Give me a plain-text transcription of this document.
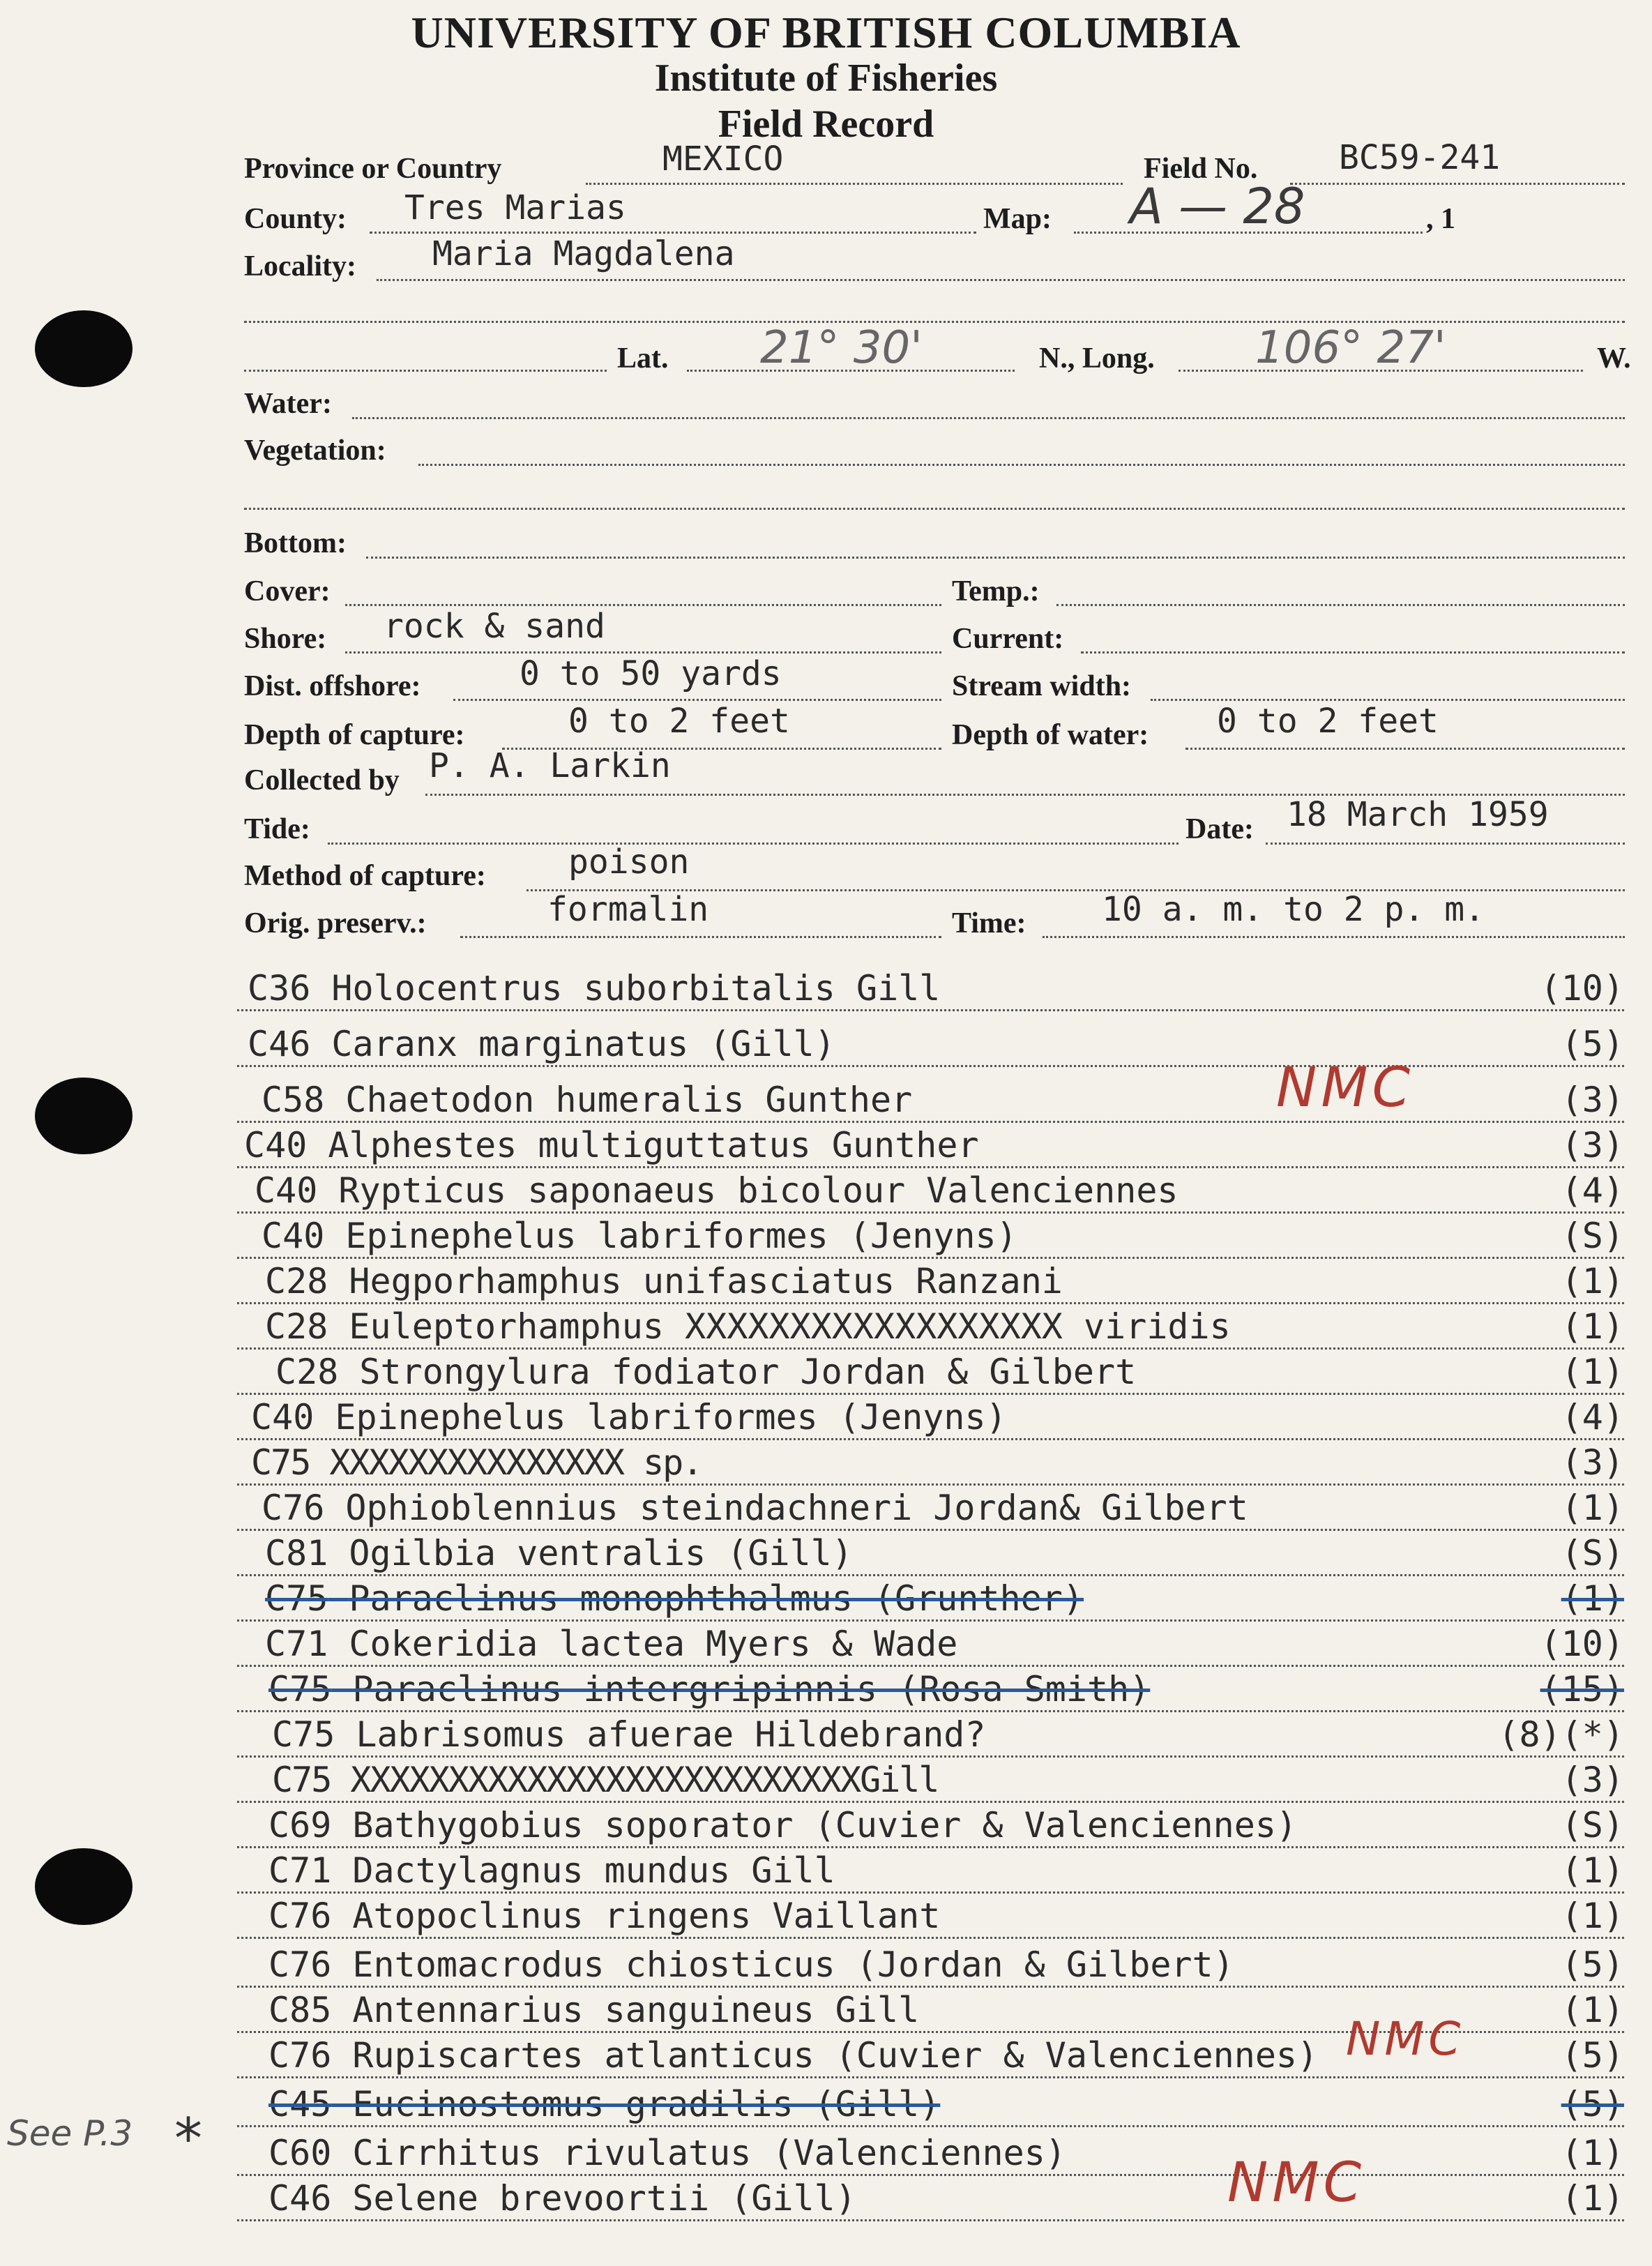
UNIVERSITY OF BRITISH COLUMBIA
Institute of Fisheries
Field Record
Province or Country	MEXICO	Field No. BC59-241
County: Tres Marias	Map: A — 28	, 1
Locality: Maria Magdalena
Lat. 21° 30'	N., Long. 106° 27'	W.
Water:
Vegetation:
Bottom:
Cover:	Temp.:
Shore: rock & sand	Current:
Dist. offshore:	0 to 50 yards	Stream width:
Depth of capture:	0 to 2 feet	Depth of water: 0 to 2 feet
Collected by P. A. Larkin
Tide:	Date: 18 March 1959
Method of capture: poison
Orig. preserv.:	formalin	Time: 10 a. m. to 2 p. m.
C36 Holocentrus suborbitalis Gill	(10)
C46 Caranx marginatus (Gill)	(5)
C58 Chaetodon humeralis Gunther	(3)
C40 Alphestes multiguttatus Gunther	(3)
C40 Rypticus saponaeus bicolour Valenciennes	(4)
C40 Epinephelus labriformes (Jenyns)	(S)
C28 Hegporhamphus unifasciatus Ranzani	(1)
C28 Euleptorhamphus XXXXXXXXXXXXXXXXXX viridis	(1)
C28 Strongylura fodiator Jordan & Gilbert	(1)
C40 Epinephelus labriformes (Jenyns)	(4)
C75 XXXXXXXXXXXXXXX sp.	(3)
C76 Ophioblennius steindachneri Jordan& Gilbert	(1)
C81 Ogilbia ventralis (Gill)	(S)
C75 Paraclinus monophthalmus (Grunther)	(1)
C71 Cokeridia lactea Myers & Wade	(10)
C75 Paraclinus intergripinnis (Rosa Smith)	(15)
C75 Labrisomus afuerae Hildebrand?	(8)(*)
C75 XXXXXXXXXXXXXXXXXXXXXXXXXXGill	(3)
C69 Bathygobius soporator (Cuvier & Valenciennes)	(S)
C71 Dactylagnus mundus Gill	(1)
C76 Atopoclinus ringens Vaillant	(1)
C76 Entomacrodus chiosticus (Jordan & Gilbert)	(5)
C85 Antennarius sanguineus Gill	(1)
C76 Rupiscartes atlanticus (Cuvier & Valenciennes)	(5)
C45 Eucinostomus gradilis (Gill)	(5)
C60 Cirrhitus rivulatus (Valenciennes)	(1)
C46 Selene brevoortii (Gill)	(1)
NMC
NMC
NMC
See P.3 *
